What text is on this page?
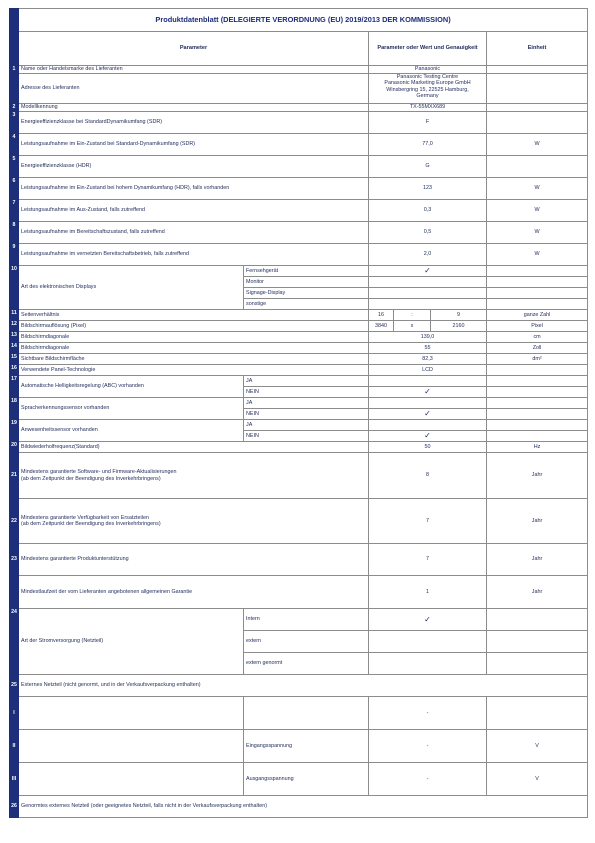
	Produktdatenblatt (DELEGIERTE VERORDNUNG (EU) 2019/2013 DER KOMMISSION)					
	Parameter		Parameter oder Wert und Genauigkeit			Einheit
1	Name oder Handelsmarke des Lieferanten		Panasonic			
	Adresse des Lieferanten		Panasonic Testing Centre
Panasonic Marketing Europe GmbH
Winsbergring 15, 22525 Hamburg,
Germany			

2	Modellkennung		TX-55MXX689			
3	Energieeffizienzklasse bei StandardDynamikumfang (SDR)		F			
4	Leistungsaufnahme im Ein-Zustand bei Standard-Dynamikumfang (SDR)		77,0			W
5	Energieeffizienzklasse (HDR)		G			
6	Leistungsaufnahme im Ein-Zustand bei hohem Dynamikumfang (HDR), falls vorhanden		123			W
7	Leistungsaufnahme im Aus-Zustand, falls zutreffend		0,3			W
8	Leistungsaufnahme im Bereitschaftszustand, falls zutreffend		0,5			W
9	Leistungsaufnahme im vernetzten Bereitschaftsbetrieb, falls zutreffend		2,0			W
10	Art des elektronischen Displays	Fernsehgerät	✓			
		Monitor				
		Signage-Display				
		sonstige				
11	Seitenverhältnis		16	:	9	ganze Zahl
12	Bildschirmauflösung (Pixel)		3840	x	2160	Pixel
13	Bildschirmdiagonale		139,0			cm
14	Bildschirmdiagonale		55			Zoll
15	Sichtbare Bildschirmfläche		82,3			dm²
16	Verwendete Panel-Technologie		LCD			
17	Automatische Helligkeitsregelung (ABC) vorhanden	JA				
		NEIN	✓			
18	Spracherkennungssensor vorhanden	JA				
		NEIN	✓			
19	Anwesenheitssensor vorhanden	JA				
		NEIN	✓			
20	Bildwiederholfrequenz(Standard)		50			Hz
21	Mindestens garantierte Software- und Firmware-Aktualisierungen
(ab dem Zeitpunkt der Beendigung des Inverkehrbringens)		8			Jahr
22	Mindestens garantierte Verfügbarkeit von Ersatzteilen
(ab dem Zeitpunkt der Beendigung des Inverkehrbringens)		7			Jahr
23	Mindestens garantierte Produktunterstützung		7			Jahr
	Mindestlaufzeit der vom Lieferanten angebotenen allgemeinen Garantie		1			Jahr
24	Art der Stromversorgung (Netzteil)	Intern	✓			
		extern				
		extern genormt				
25	Externes Netzteil (nicht genormt, und in der Verkaufsverpackung enthalten)					
I			-			
II		Eingangsspannung	-			V
III		Ausgangsspannung	-			V
26	Genormtes externes Netzteil (oder geeignetes Netzteil, falls nicht in der Verkaufsverpackung enthalten)					
